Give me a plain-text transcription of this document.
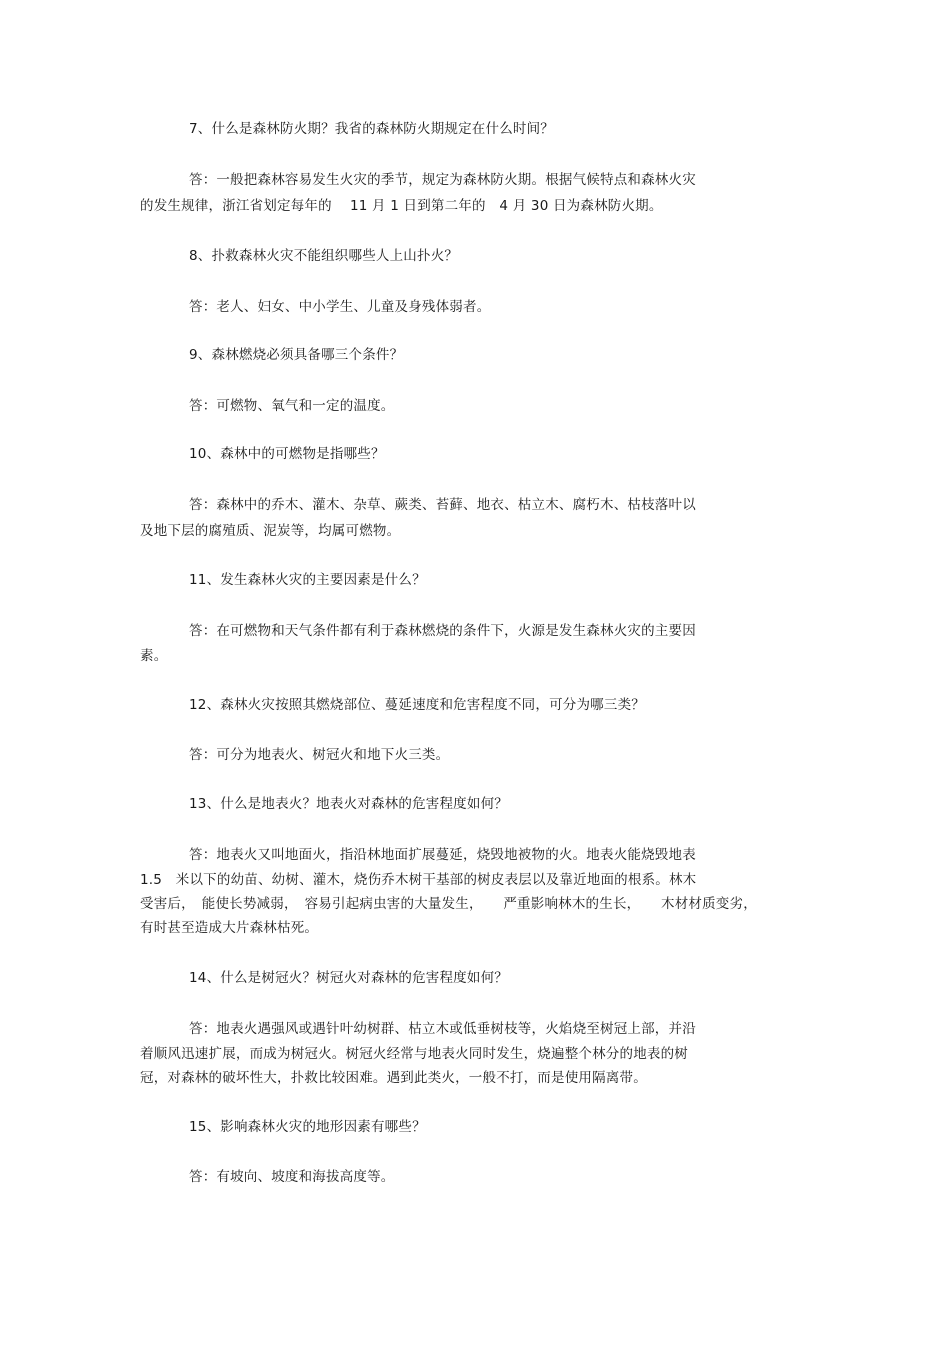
7、什么是森林防火期？我省的森林防火期规定在什么时间？
答：一般把森林容易发生火灾的季节，规定为森林防火期。根据气候特点和森林火灾
的发生规律，浙江省划定每年的　 11 月 1 日到第二年的　4 月 30 日为森林防火期。
8、扑救森林火灾不能组织哪些人上山扑火？
答：老人、妇女、中小学生、儿童及身残体弱者。
9、森林燃烧必须具备哪三个条件？
答：可燃物、氧气和一定的温度。
10、森林中的可燃物是指哪些？
答：森林中的乔木、灌木、杂草、蕨类、苔藓、地衣、枯立木、腐朽木、枯枝落叶以
及地下层的腐殖质、泥炭等，均属可燃物。
11、发生森林火灾的主要因素是什么？
答：在可燃物和天气条件都有利于森林燃烧的条件下，火源是发生森林火灾的主要因
素。
12、森林火灾按照其燃烧部位、蔓延速度和危害程度不同，可分为哪三类？
答：可分为地表火、树冠火和地下火三类。
13、什么是地表火？地表火对森林的危害程度如何？
答：地表火又叫地面火，指沿林地面扩展蔓延，烧毁地被物的火。地表火能烧毁地表
1.5　米以下的幼苗、幼树、灌木，烧伤乔木树干基部的树皮表层以及靠近地面的根系。林木
受害后，　能使长势减弱，　容易引起病虫害的大量发生，　　严重影响林木的生长，　　木材材质变劣，
有时甚至造成大片森林枯死。
14、什么是树冠火？树冠火对森林的危害程度如何？
答：地表火遇强风或遇针叶幼树群、枯立木或低垂树枝等，火焰烧至树冠上部，并沿
着顺风迅速扩展，而成为树冠火。树冠火经常与地表火同时发生，烧遍整个林分的地表的树
冠，对森林的破坏性大，扑救比较困难。遇到此类火，一般不打，而是使用隔离带。
15、影响森林火灾的地形因素有哪些？
答：有坡向、坡度和海拔高度等。
